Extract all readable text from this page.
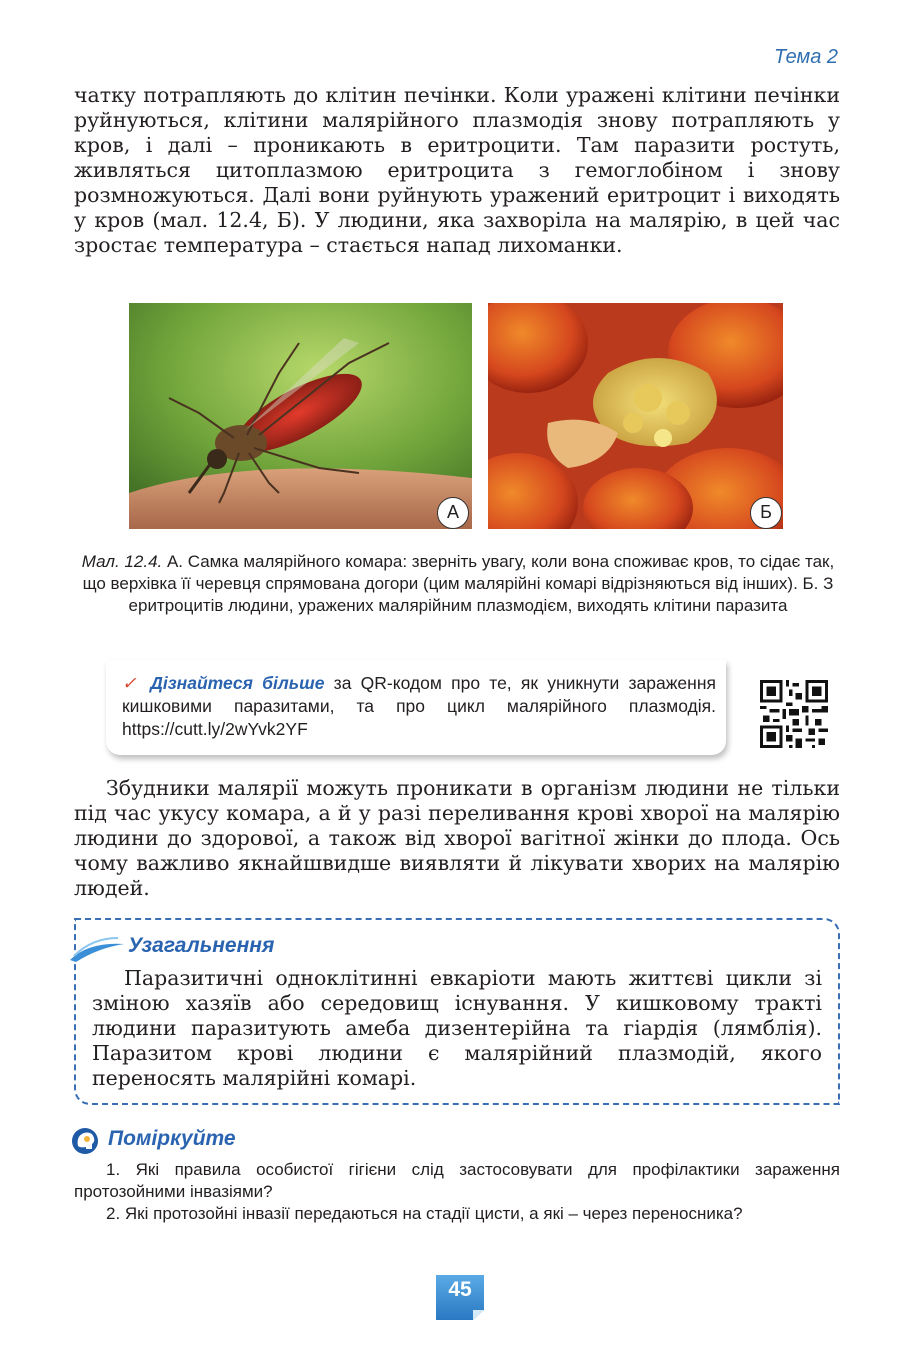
Тема 2

чатку потрапляють до клітин печінки. Коли уражені клітини печінки руйнуються, клітини малярійного плазмодія знову потрапляють у кров, і далі – проникають в еритроцити. Там паразити ростуть, живляться цитоплазмою еритроцита з гемоглобіном і знову розмножуються. Далі вони руйнують уражений еритроцит і виходять у кров (мал. 12.4, Б). У людини, яка захворіла на малярію, в цей час зростає температура – стається напад лихоманки.

А	Б
Мал. 12.4. А. Самка малярійного комара: зверніть увагу, коли вона споживає кров, то сідає так, що верхівка її черевця спрямована догори (цим малярійні комарі відрізняються від інших). Б. З еритроцитів людини, уражених малярійним плазмодієм, виходять клітини паразита
✓ Дізнайтеся більше за QR-кодом про те, як уникнути зараження кишковими паразитами, та про цикл малярійного плазмодія. https://cutt.ly/2wYvk2YF

Збудники малярії можуть проникати в організм людини не тільки під час укусу комара, а й у разі переливання крові хворої на малярію людини до здорової, а також від хворої вагітної жінки до плода. Ось чому важливо якнайшвидше виявляти й лікувати хворих на малярію людей.

Узагальнення

Паразитичні одноклітинні евкаріоти мають життєві цикли зі зміною хазяїв або середовищ існування. У кишковому тракті людини паразитують амеба дизентерійна та гіардія (лямблія). Паразитом крові людини є малярійний плазмодій, якого переносять малярійні комарі.

Поміркуйте

1. Які правила особистої гігієни слід застосовувати для профілактики зараження протозойними інвазіями?

2. Які протозойні інвазії передаються на стадії цисти, а які – через переносника?

45
